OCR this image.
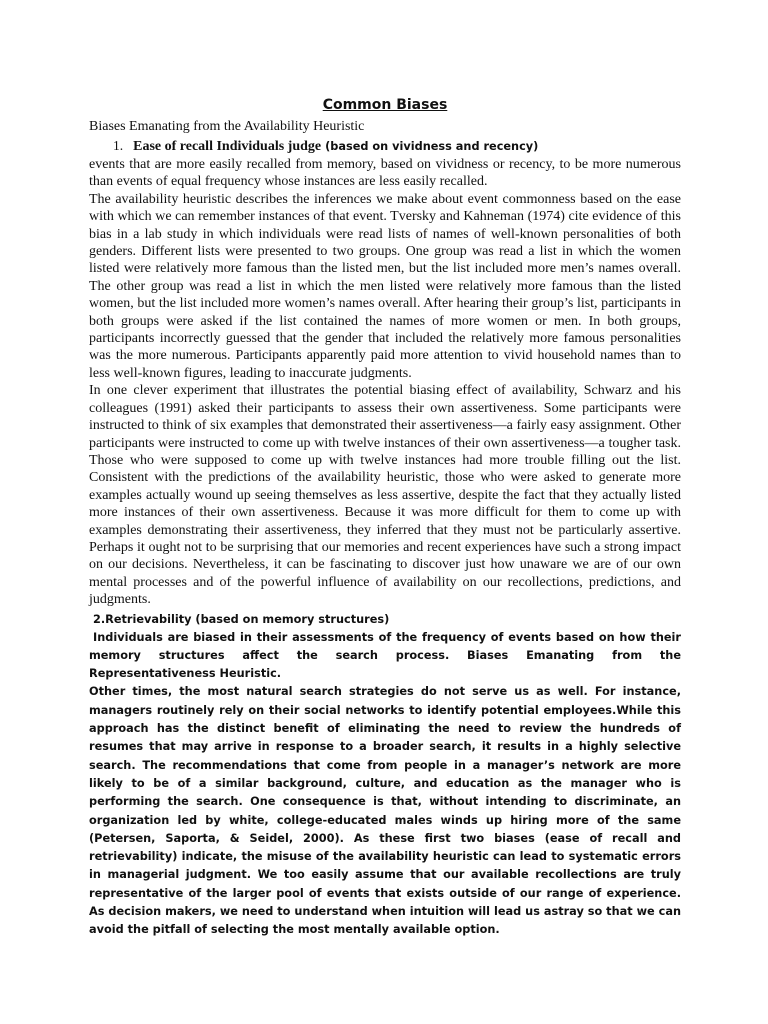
Common Biases

Biases Emanating from the Availability Heuristic

1. Ease of recall Individuals judge (based on vividness and recency)

events that are more easily recalled from memory, based on vividness or recency, to be more numerous than events of equal frequency whose instances are less easily recalled.

The availability heuristic describes the inferences we make about event commonness based on the ease with which we can remember instances of that event. Tversky and Kahneman (1974) cite evidence of this bias in a lab study in which individuals were read lists of names of well-known personalities of both genders. Different lists were presented to two groups. One group was read a list in which the women listed were relatively more famous than the listed men, but the list included more men’s names overall. The other group was read a list in which the men listed were relatively more famous than the listed women, but the list included more women’s names overall. After hearing their group’s list, participants in both groups were asked if the list contained the names of more women or men. In both groups, participants incorrectly guessed that the gender that included the relatively more famous personalities was the more numerous. Participants apparently paid more attention to vivid household names than to less well-known figures, leading to inaccurate judgments.

In one clever experiment that illustrates the potential biasing effect of availability, Schwarz and his colleagues (1991) asked their participants to assess their own assertiveness. Some participants were instructed to think of six examples that demonstrated their assertiveness—a fairly easy assignment. Other participants were instructed to come up with twelve instances of their own assertiveness—a tougher task. Those who were supposed to come up with twelve instances had more trouble filling out the list. Consistent with the predictions of the availability heuristic, those who were asked to generate more examples actually wound up seeing themselves as less assertive, despite the fact that they actually listed more instances of their own assertiveness. Because it was more difficult for them to come up with examples demonstrating their assertiveness, they inferred that they must not be particularly assertive. Perhaps it ought not to be surprising that our memories and recent experiences have such a strong impact on our decisions. Nevertheless, it can be fascinating to discover just how unaware we are of our own mental processes and of the powerful influence of availability on our recollections, predictions, and judgments.

2.Retrievability (based on memory structures)

Individuals are biased in their assessments of the frequency of events based on how their memory structures affect the search process. Biases Emanating from the Representativeness Heuristic.

Other times, the most natural search strategies do not serve us as well. For instance, managers routinely rely on their social networks to identify potential employees.While this approach has the distinct benefit of eliminating the need to review the hundreds of resumes that may arrive in response to a broader search, it results in a highly selective search. The recommendations that come from people in a manager’s network are more likely to be of a similar background, culture, and education as the manager who is performing the search. One consequence is that, without intending to discriminate, an organization led by white, college-educated males winds up hiring more of the same (Petersen, Saporta, & Seidel, 2000). As these first two biases (ease of recall and retrievability) indicate, the misuse of the availability heuristic can lead to systematic errors in managerial judgment. We too easily assume that our available recollections are truly representative of the larger pool of events that exists outside of our range of experience. As decision makers, we need to understand when intuition will lead us astray so that we can avoid the pitfall of selecting the most mentally available option.
